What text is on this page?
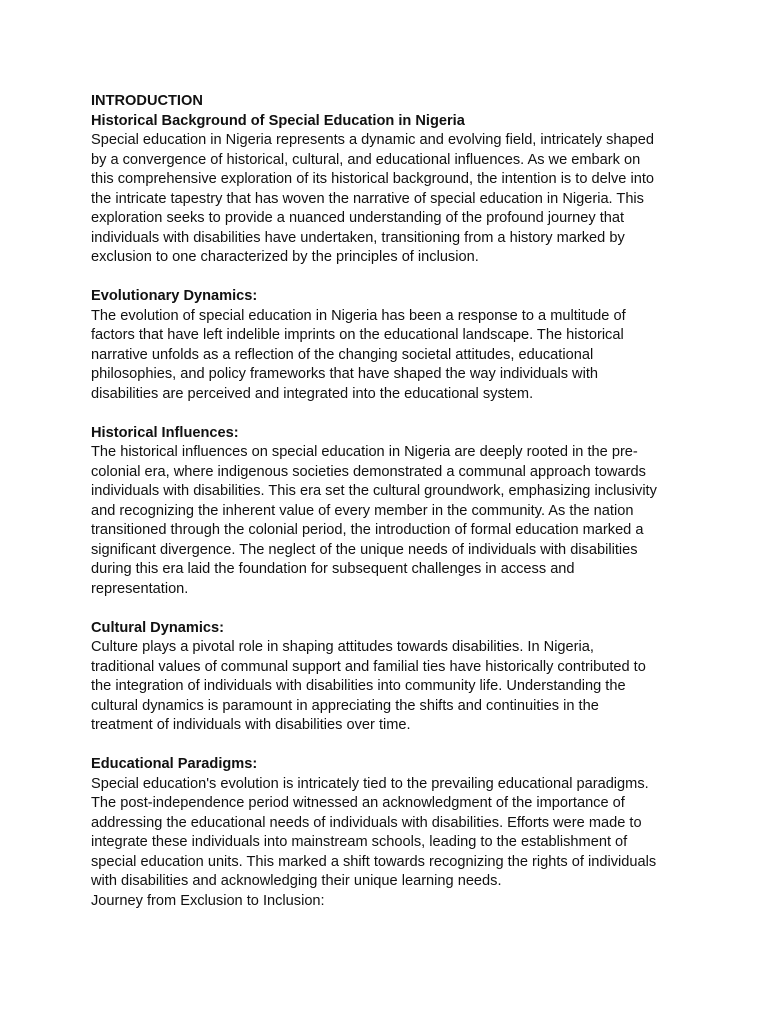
INTRODUCTION
Historical Background of Special Education in Nigeria
Special education in Nigeria represents a dynamic and evolving field, intricately shaped
by a convergence of historical, cultural, and educational influences. As we embark on
this comprehensive exploration of its historical background, the intention is to delve into
the intricate tapestry that has woven the narrative of special education in Nigeria. This
exploration seeks to provide a nuanced understanding of the profound journey that
individuals with disabilities have undertaken, transitioning from a history marked by
exclusion to one characterized by the principles of inclusion.
Evolutionary Dynamics:
The evolution of special education in Nigeria has been a response to a multitude of
factors that have left indelible imprints on the educational landscape. The historical
narrative unfolds as a reflection of the changing societal attitudes, educational
philosophies, and policy frameworks that have shaped the way individuals with
disabilities are perceived and integrated into the educational system.
Historical Influences:
The historical influences on special education in Nigeria are deeply rooted in the pre-
colonial era, where indigenous societies demonstrated a communal approach towards
individuals with disabilities. This era set the cultural groundwork, emphasizing inclusivity
and recognizing the inherent value of every member in the community. As the nation
transitioned through the colonial period, the introduction of formal education marked a
significant divergence. The neglect of the unique needs of individuals with disabilities
during this era laid the foundation for subsequent challenges in access and
representation.
Cultural Dynamics:
Culture plays a pivotal role in shaping attitudes towards disabilities. In Nigeria,
traditional values of communal support and familial ties have historically contributed to
the integration of individuals with disabilities into community life. Understanding the
cultural dynamics is paramount in appreciating the shifts and continuities in the
treatment of individuals with disabilities over time.
Educational Paradigms:
Special education's evolution is intricately tied to the prevailing educational paradigms.
The post-independence period witnessed an acknowledgment of the importance of
addressing the educational needs of individuals with disabilities. Efforts were made to
integrate these individuals into mainstream schools, leading to the establishment of
special education units. This marked a shift towards recognizing the rights of individuals
with disabilities and acknowledging their unique learning needs.
Journey from Exclusion to Inclusion:
